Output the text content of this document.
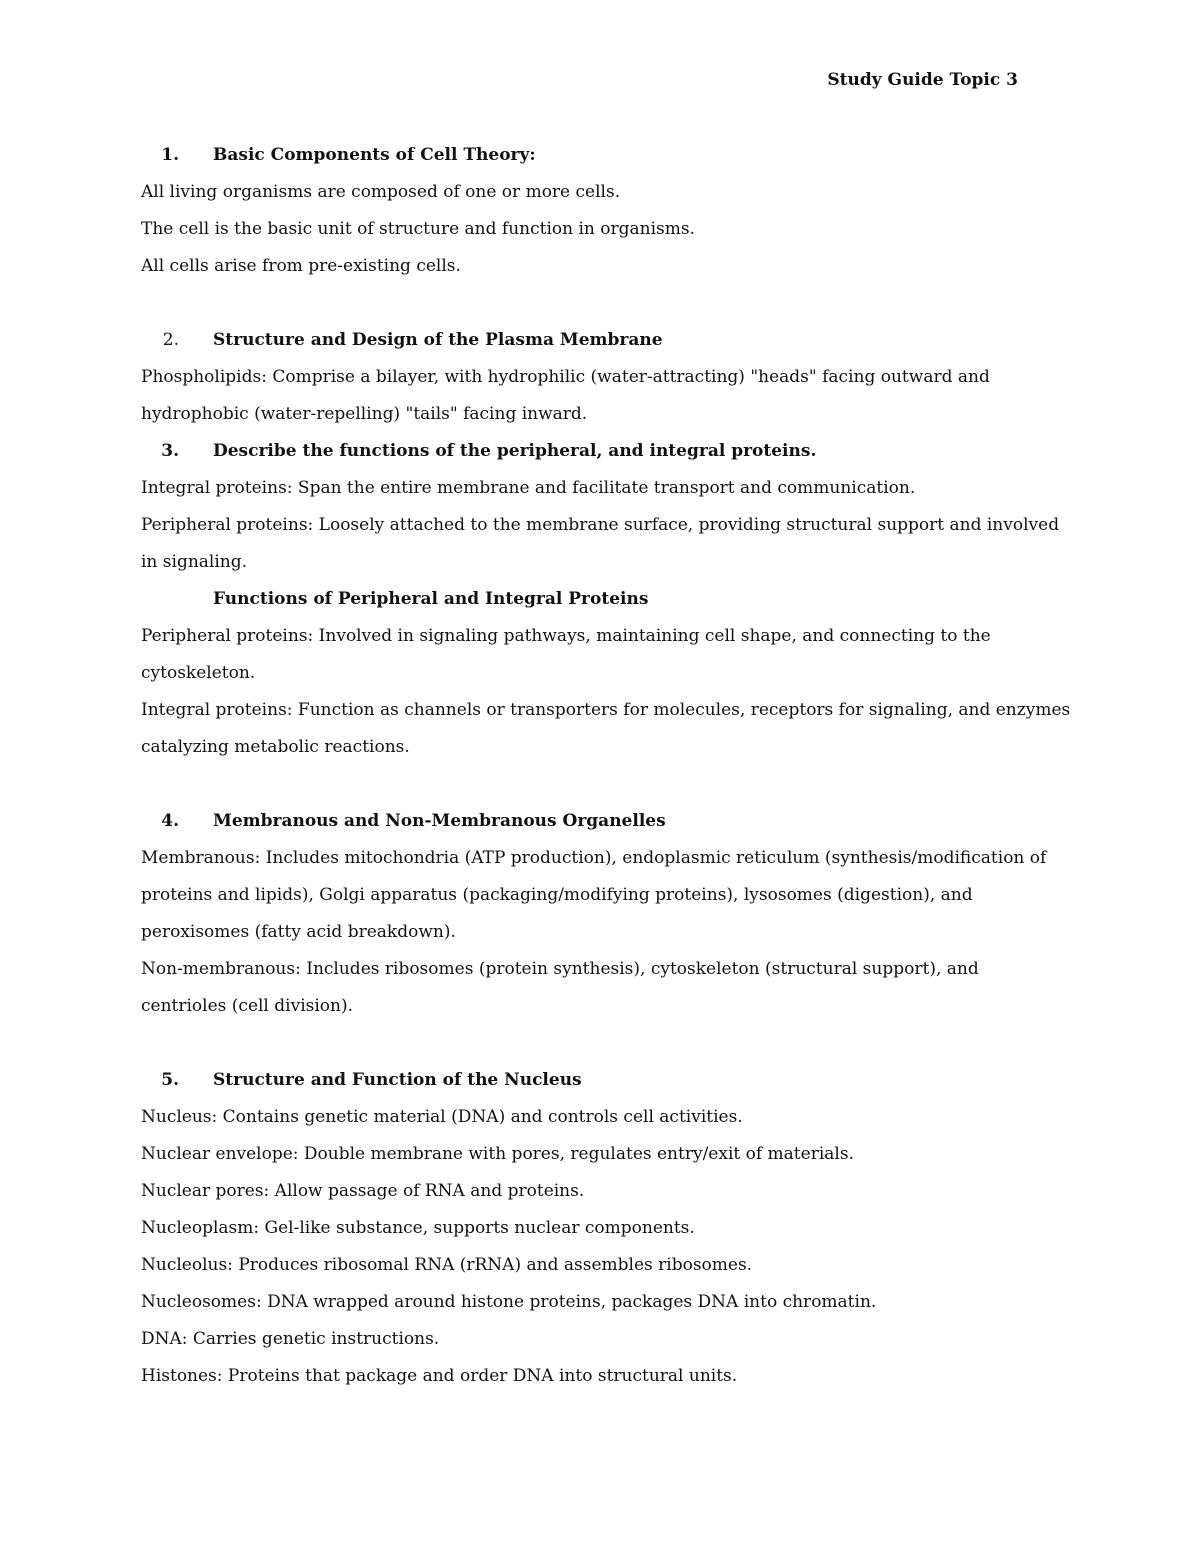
Study Guide Topic 3
1. Basic Components of Cell Theory:
All living organisms are composed of one or more cells.
The cell is the basic unit of structure and function in organisms.
All cells arise from pre-existing cells.
2. Structure and Design of the Plasma Membrane
Phospholipids: Comprise a bilayer, with hydrophilic (water-attracting) "heads" facing outward and
hydrophobic (water-repelling) "tails" facing inward.
3. Describe the functions of the peripheral, and integral proteins.
Integral proteins: Span the entire membrane and facilitate transport and communication.
Peripheral proteins: Loosely attached to the membrane surface, providing structural support and involved
in signaling.
Functions of Peripheral and Integral Proteins
Peripheral proteins: Involved in signaling pathways, maintaining cell shape, and connecting to the
cytoskeleton.
Integral proteins: Function as channels or transporters for molecules, receptors for signaling, and enzymes
catalyzing metabolic reactions.
4. Membranous and Non-Membranous Organelles
Membranous: Includes mitochondria (ATP production), endoplasmic reticulum (synthesis/modification of
proteins and lipids), Golgi apparatus (packaging/modifying proteins), lysosomes (digestion), and
peroxisomes (fatty acid breakdown).
Non-membranous: Includes ribosomes (protein synthesis), cytoskeleton (structural support), and
centrioles (cell division).
5. Structure and Function of the Nucleus
Nucleus: Contains genetic material (DNA) and controls cell activities.
Nuclear envelope: Double membrane with pores, regulates entry/exit of materials.
Nuclear pores: Allow passage of RNA and proteins.
Nucleoplasm: Gel-like substance, supports nuclear components.
Nucleolus: Produces ribosomal RNA (rRNA) and assembles ribosomes.
Nucleosomes: DNA wrapped around histone proteins, packages DNA into chromatin.
DNA: Carries genetic instructions.
Histones: Proteins that package and order DNA into structural units.
